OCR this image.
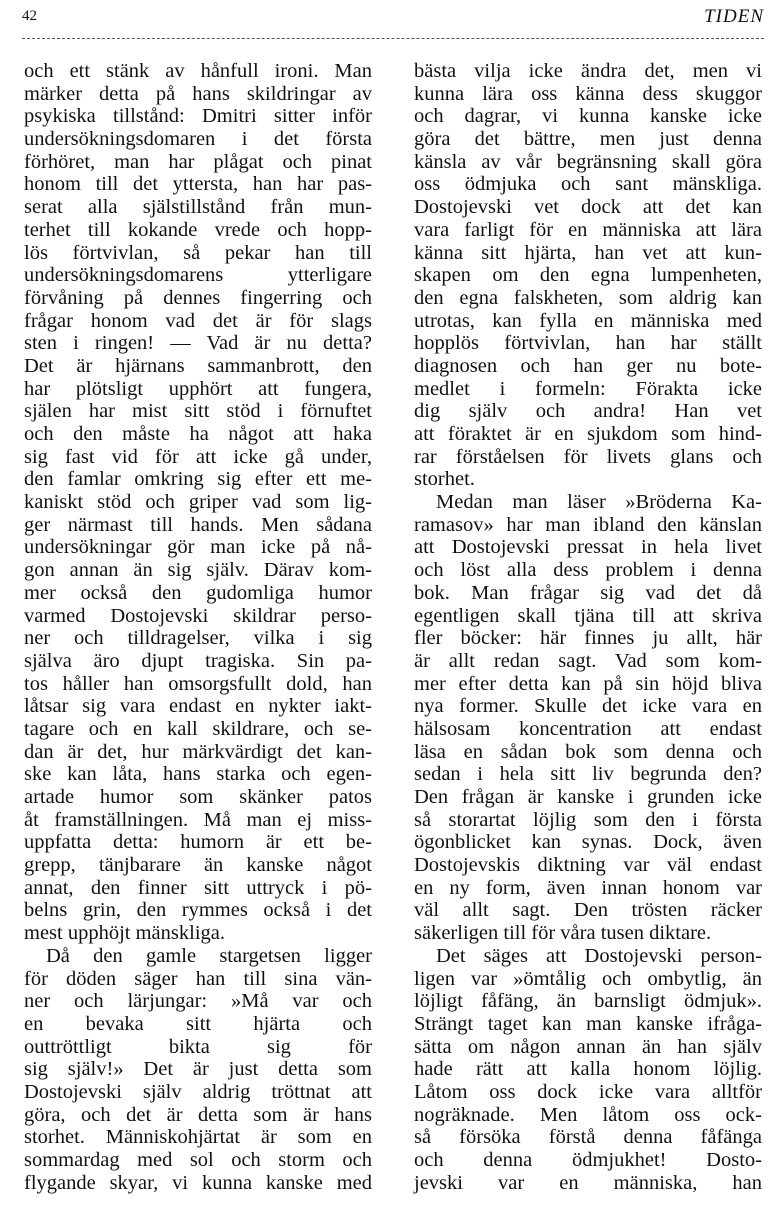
42	TIDEN
och ett stänk av hånfull ironi. Man
märker detta på hans skildringar av
psykiska tillstånd: Dmitri sitter inför
undersökningsdomaren i det första
förhöret, man har plågat och pinat
honom till det yttersta, han har pas-
serat alla själstillstånd från mun-
terhet till kokande vrede och hopp-
lös förtvivlan, så pekar han till
undersökningsdomarens ytterligare
förvåning på dennes fingerring och
frågar honom vad det är för slags
sten i ringen! — Vad är nu detta?
Det är hjärnans sammanbrott, den
har plötsligt upphört att fungera,
själen har mist sitt stöd i förnuftet
och den måste ha något att haka
sig fast vid för att icke gå under,
den famlar omkring sig efter ett me-
kaniskt stöd och griper vad som lig-
ger närmast till hands. Men sådana
undersökningar gör man icke på nå-
gon annan än sig själv. Därav kom-
mer också den gudomliga humor
varmed Dostojevski skildrar perso-
ner och tilldragelser, vilka i sig
själva äro djupt tragiska. Sin pa-
tos håller han omsorgsfullt dold, han
låtsar sig vara endast en nykter iakt-
tagare och en kall skildrare, och se-
dan är det, hur märkvärdigt det kan-
ske kan låta, hans starka och egen-
artade humor som skänker patos
åt framställningen. Må man ej miss-
uppfatta detta: humorn är ett be-
grepp, tänjbarare än kanske något
annat, den finner sitt uttryck i pö-
belns grin, den rymmes också i det
mest upphöjt mänskliga.
Då den gamle stargetsen ligger
för döden säger han till sina vän-
ner och lärjungar: »Må var och
en bevaka sitt hjärta och
outtröttligt bikta sig för
sig själv!» Det är just detta som
Dostojevski själv aldrig tröttnat att
göra, och det är detta som är hans
storhet. Människohjärtat är som en
sommardag med sol och storm och
flygande skyar, vi kunna kanske med
bästa vilja icke ändra det, men vi
kunna lära oss känna dess skuggor
och dagrar, vi kunna kanske icke
göra det bättre, men just denna
känsla av vår begränsning skall göra
oss ödmjuka och sant mänskliga.
Dostojevski vet dock att det kan
vara farligt för en människa att lära
känna sitt hjärta, han vet att kun-
skapen om den egna lumpenheten,
den egna falskheten, som aldrig kan
utrotas, kan fylla en människa med
hopplös förtvivlan, han har ställt
diagnosen och han ger nu bote-
medlet i formeln: Förakta icke
dig själv och andra! Han vet
att föraktet är en sjukdom som hind-
rar förståelsen för livets glans och
storhet.
Medan man läser »Bröderna Ka-
ramasov» har man ibland den känslan
att Dostojevski pressat in hela livet
och löst alla dess problem i denna
bok. Man frågar sig vad det då
egentligen skall tjäna till att skriva
fler böcker: här finnes ju allt, här
är allt redan sagt. Vad som kom-
mer efter detta kan på sin höjd bliva
nya former. Skulle det icke vara en
hälsosam koncentration att endast
läsa en sådan bok som denna och
sedan i hela sitt liv begrunda den?
Den frågan är kanske i grunden icke
så storartat löjlig som den i första
ögonblicket kan synas. Dock, även
Dostojevskis diktning var väl endast
en ny form, även innan honom var
väl allt sagt. Den trösten räcker
säkerligen till för våra tusen diktare.
Det säges att Dostojevski person-
ligen var »ömtålig och ombytlig, än
löjligt fåfäng, än barnsligt ödmjuk».
Strängt taget kan man kanske ifråga-
sätta om någon annan än han själv
hade rätt att kalla honom löjlig.
Låtom oss dock icke vara alltför
nogräknade. Men låtom oss ock-
så försöka förstå denna fåfänga
och denna ödmjukhet! Dosto-
jevski var en människa, han
